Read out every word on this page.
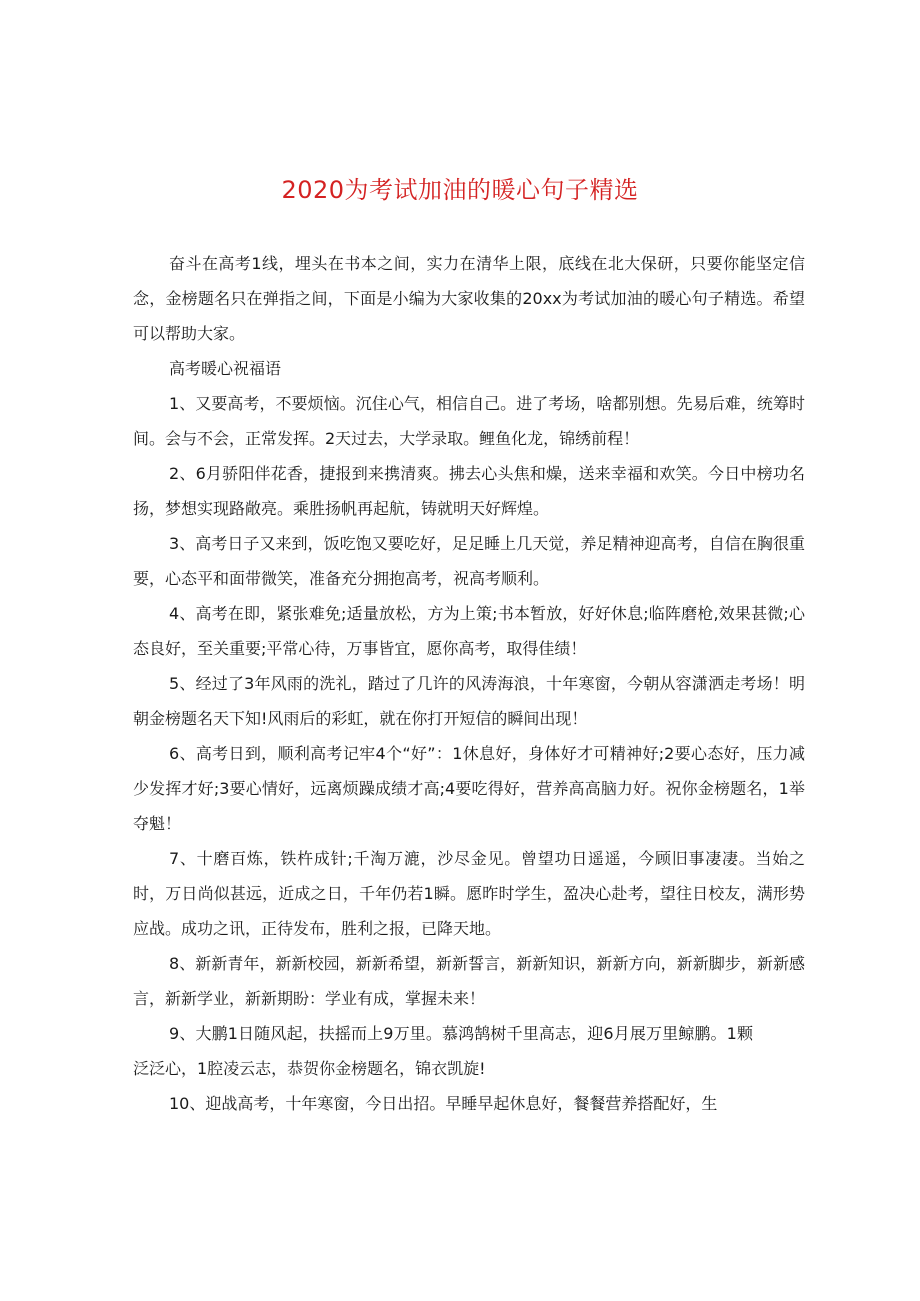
2020为考试加油的暖心句子精选

奋斗在高考1线，埋头在书本之间，实力在清华上限，底线在北大保研，只要你能坚定信念，金榜题名只在弹指之间，下面是小编为大家收集的20xx为考试加油的暖心句子精选。希望可以帮助大家。

高考暖心祝福语

1、又要高考，不要烦恼。沉住心气，相信自己。进了考场，啥都别想。先易后难，统筹时间。会与不会，正常发挥。2天过去，大学录取。鲤鱼化龙，锦绣前程！

2、6月骄阳伴花香，捷报到来携清爽。拂去心头焦和燥，送来幸福和欢笑。今日中榜功名扬，梦想实现路敞亮。乘胜扬帆再起航，铸就明天好辉煌。

3、高考日子又来到，饭吃饱又要吃好，足足睡上几天觉，养足精神迎高考，自信在胸很重要，心态平和面带微笑，准备充分拥抱高考，祝高考顺利。

4、高考在即，紧张难免;适量放松，方为上策;书本暂放，好好休息;临阵磨枪,效果甚微;心态良好，至关重要;平常心待，万事皆宜，愿你高考，取得佳绩！

5、经过了3年风雨的洗礼，踏过了几许的风涛海浪，十年寒窗，今朝从容潇洒走考场！明朝金榜题名天下知!风雨后的彩虹，就在你打开短信的瞬间出现！

6、高考日到，顺利高考记牢4个“好”：1休息好，身体好才可精神好;2要心态好，压力减少发挥才好;3要心情好，远离烦躁成绩才高;4要吃得好，营养高高脑力好。祝你金榜题名，1举夺魁！

7、十磨百炼，铁杵成针;千淘万漉，沙尽金见。曾望功日遥遥，今顾旧事凄凄。当始之时，万日尚似甚远，近成之日，千年仍若1瞬。愿昨时学生，盈决心赴考，望往日校友，满形势应战。成功之讯，正待发布，胜利之报，已降天地。

8、新新青年，新新校园，新新希望，新新誓言，新新知识，新新方向，新新脚步，新新感言，新新学业，新新期盼：学业有成，掌握未来！

9、大鹏1日随风起，扶摇而上9万里。慕鸿鹄树千里高志，迎6月展万里鲸鹏。1颗泛泛心，1腔凌云志，恭贺你金榜题名，锦衣凯旋!

10、迎战高考，十年寒窗，今日出招。早睡早起休息好，餐餐营养搭配好，生
